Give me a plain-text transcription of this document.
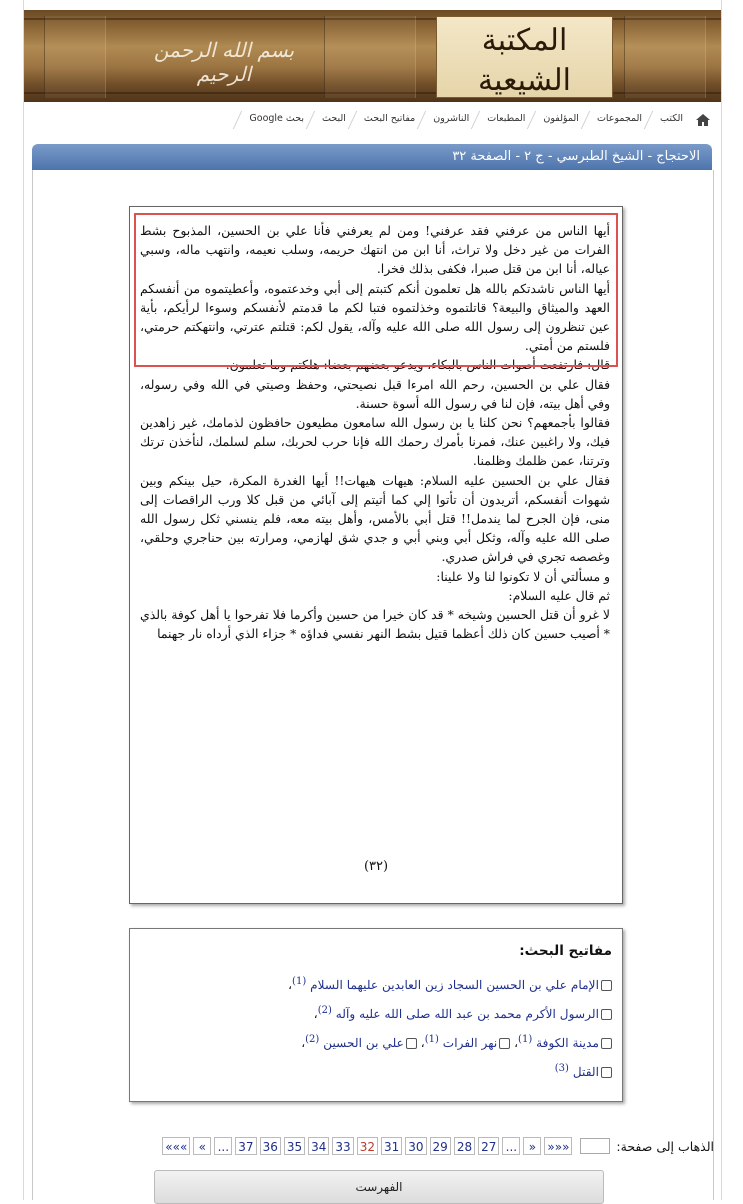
بسم الله الرحمن الرحيم
المكتبة الشيعية
الكتب
المجموعات
المؤلفون
المطبعات
الناشرون
مفاتيح البحث
البحث
بحث Google
الاحتجاج - الشيخ الطبرسي - ج ٢ - الصفحة ٣٢

أيها الناس من عرفني فقد عرفني! ومن لم يعرفني فأنا علي بن الحسين، المذبوح بشط الفرات من غير دخل ولا تراث، أنا ابن من انتهك حريمه، وسلب نعيمه، وانتهب ماله، وسبي عياله، أنا ابن من قتل صبرا، فكفى بذلك فخرا.

أيها الناس ناشدتكم بالله هل تعلمون أنكم كتبتم إلى أبي وخدعتموه، وأعطيتموه من أنفسكم العهد والميثاق والبيعة؟ قاتلتموه وخذلتموه فتبا لكم ما قدمتم لأنفسكم وسوءا لرأيكم، بأية عين تنظرون إلى رسول الله صلى الله عليه وآله، يقول لكم: قتلتم عترتي، وانتهكتم حرمتي، فلستم من أمتي.

قال: فارتفعت أصوات الناس بالبكاء، ويدعو بعضهم بعضا: هلكتم وما تعلمون.

فقال علي بن الحسين، رحم الله امرءا قبل نصيحتي، وحفظ وصيتي في الله وفي رسوله، وفي أهل بيته، فإن لنا في رسول الله أسوة حسنة.

فقالوا بأجمعهم؟ نحن كلنا يا بن رسول الله سامعون مطيعون حافظون لذمامك، غير زاهدين فيك، ولا راغبين عنك، فمرنا بأمرك رحمك الله فإنا حرب لحربك، سلم لسلمك، لنأخذن ترتك وترتنا، عمن ظلمك وظلمنا.

فقال علي بن الحسين عليه السلام: هيهات هيهات!! أيها الغدرة المكرة، حيل بينكم وبين شهوات أنفسكم، أتريدون أن تأتوا إلي كما أتيتم إلى آبائي من قبل كلا ورب الراقصات إلى منى، فإن الجرح لما يندمل!! قتل أبي بالأمس، وأهل بيته معه، فلم ينسني ثكل رسول الله صلى الله عليه وآله، وثكل أبي وبني أبي و جدي شق لهازمي، ومرارته بين حناجري وحلقي، وغصصه تجري في فراش صدري.

و مسألتي أن لا تكونوا لنا ولا علينا:

ثم قال عليه السلام:

لا غرو أن قتل الحسين وشيخه * قد كان خيرا من حسين وأكرما فلا تفرحوا يا أهل كوفة بالذي * أصيب حسين كان ذلك أعظما قتيل بشط النهر نفسي فداؤه * جزاء الذي أرداه نار جهنما

(٣٢)
مفاتيح البحث:
الإمام علي بن الحسين السجاد زين العابدين عليهما السلام $^{(1)}$،
الرسول الأكرم محمد بن عبد الله صلى الله عليه وآله $^{(2)}$،
مدينة الكوفة $^{(1)}$، نهر الفرات $^{(1)}$، علي بن الحسين $^{(2)}$،
القتل $^{(3)}$
الذهاب إلى صفحة:
«««
«
...
27
28
29
30
31
32
33
34
35
36
37
...
»
»»»
الفهرست
